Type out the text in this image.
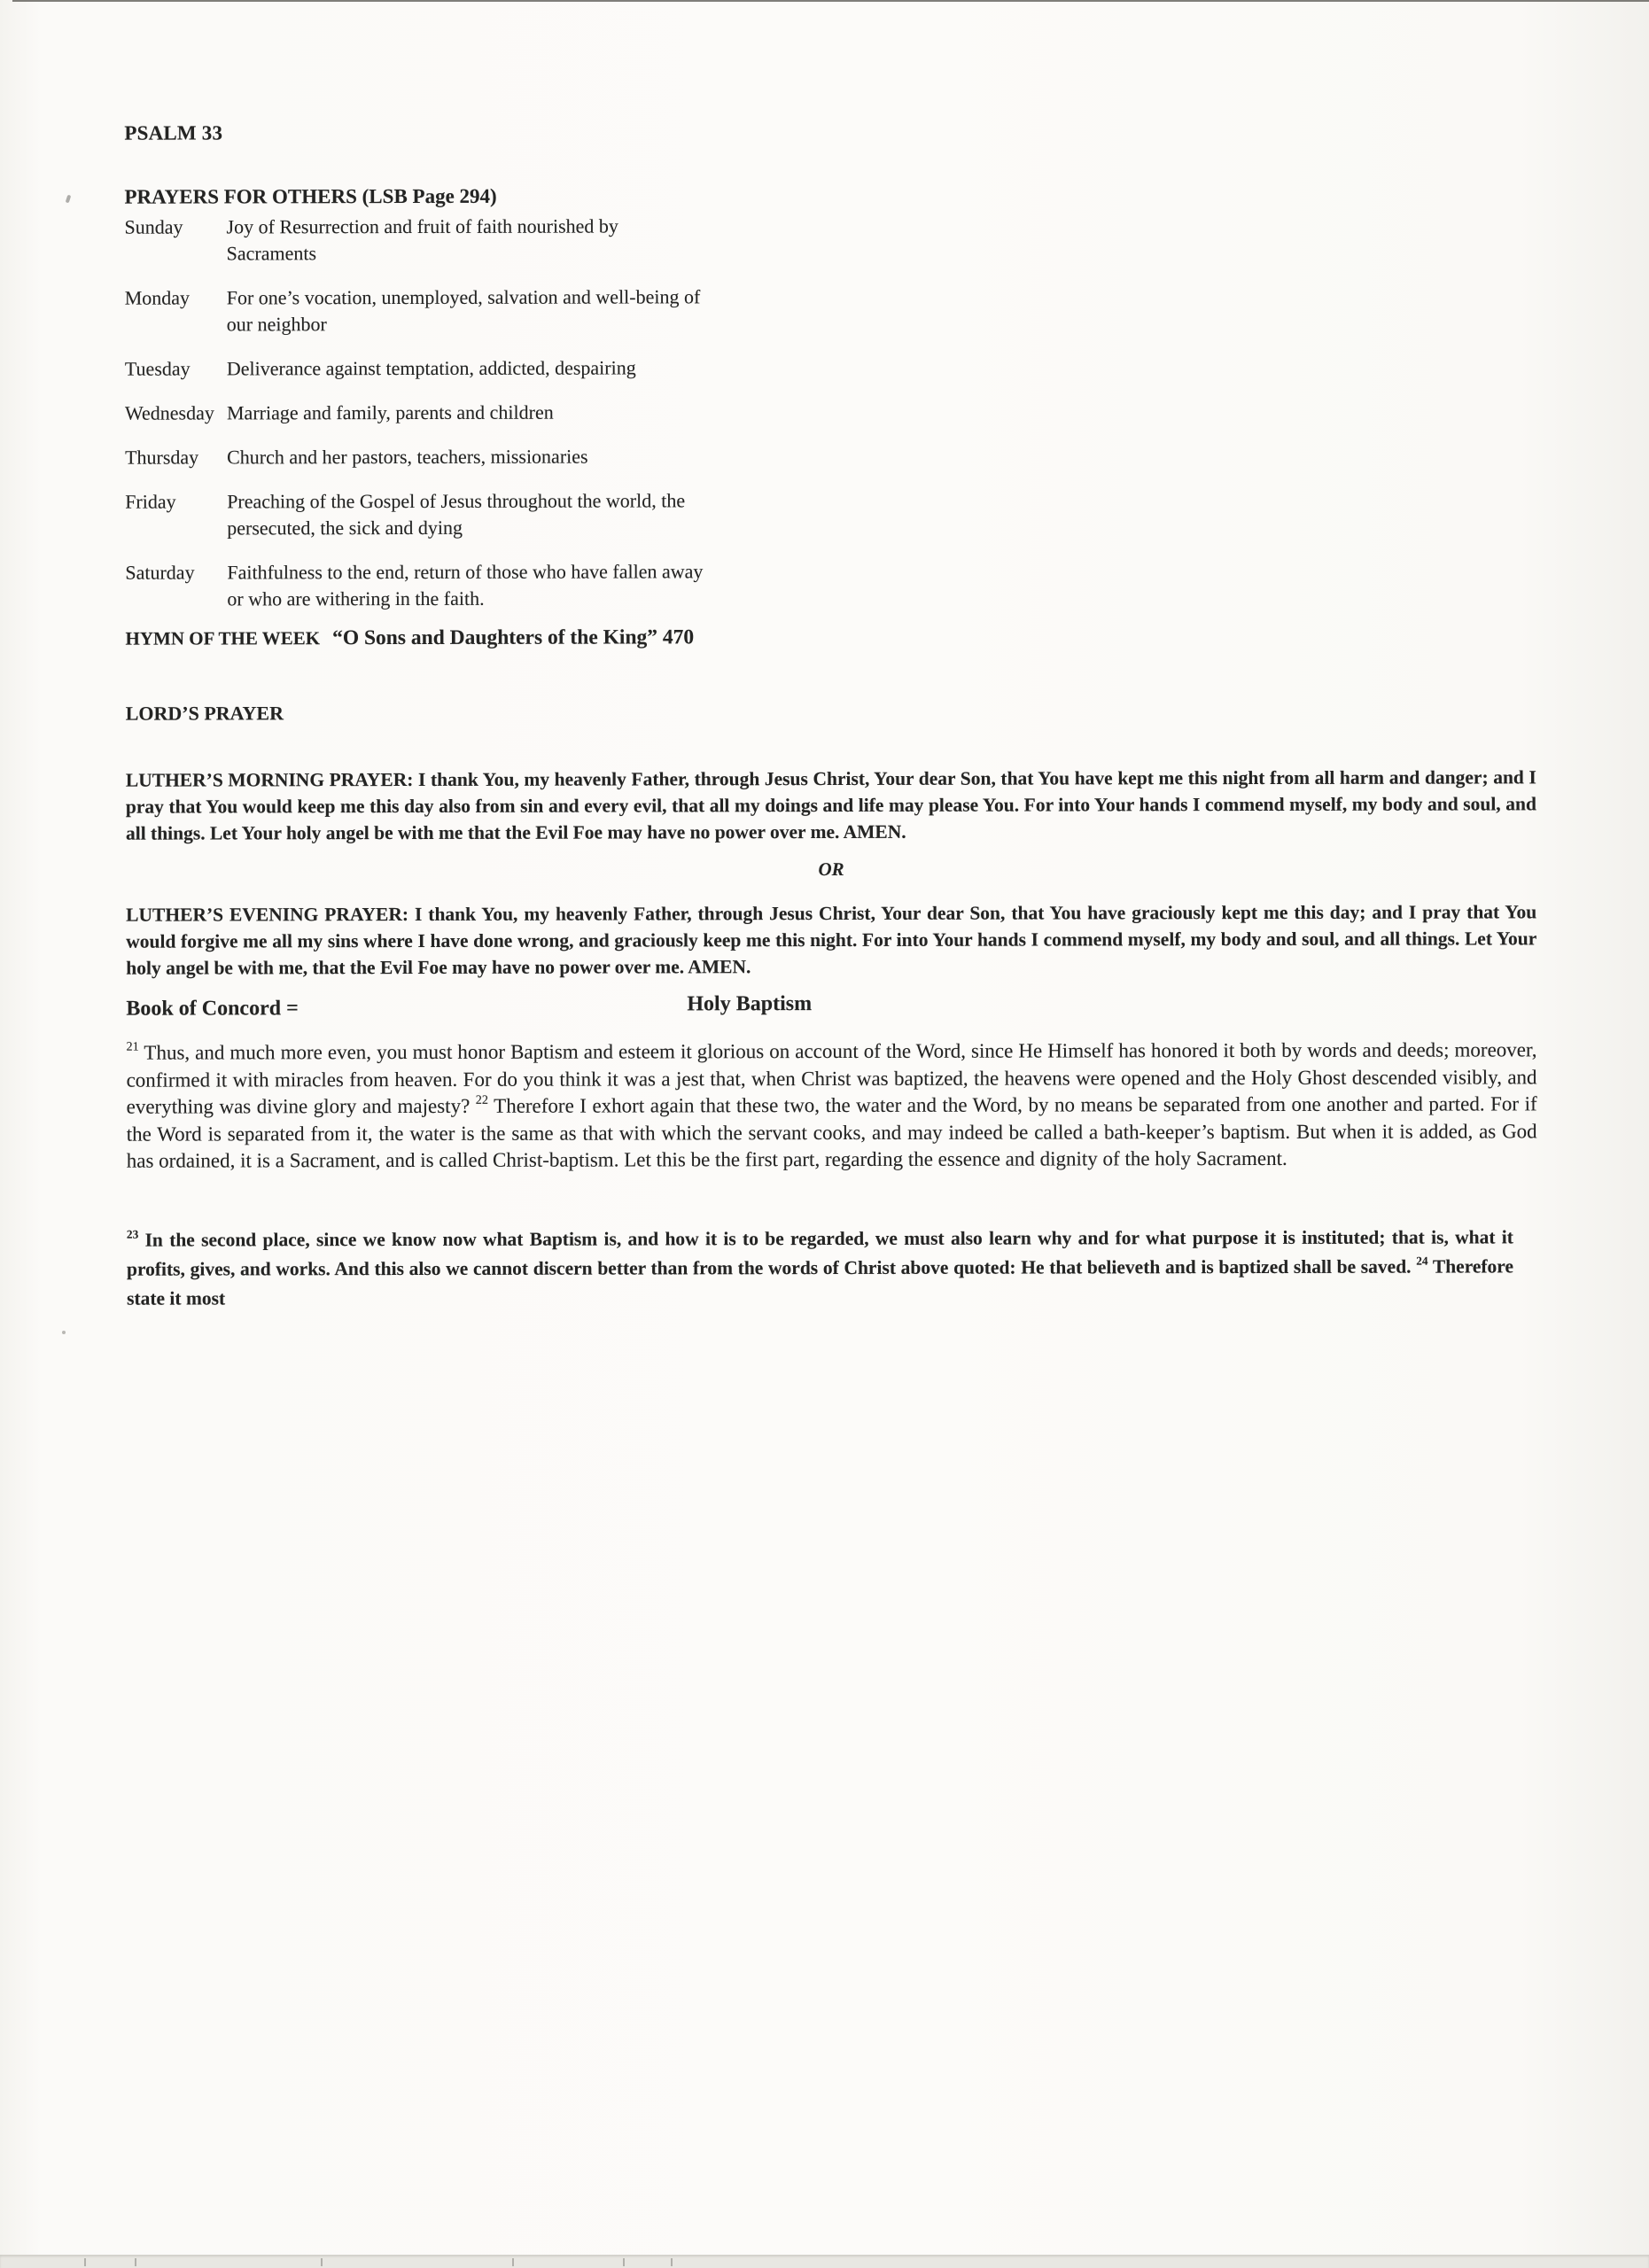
PSALM 33
PRAYERS FOR OTHERS (LSB Page 294)
Sunday	Joy of Resurrection and fruit of faith nourished by Sacraments
Monday	For one’s vocation, unemployed, salvation and well-being of our neighbor
Tuesday	Deliverance against temptation, addicted, despairing
Wednesday Marriage and family, parents and children
Thursday	Church and her pastors, teachers, missionaries
Friday	Preaching of the Gospel of Jesus throughout the world, the persecuted, the sick and dying
Saturday	Faithfulness to the end, return of those who have fallen away or who are withering in the faith.
HYMN OF THE WEEK “O Sons and Daughters of the King” 470
LORD’S PRAYER

LUTHER’S MORNING PRAYER: I thank You, my heavenly Father, through Jesus Christ, Your dear Son, that You have kept me this night from all harm and danger; and I pray that You would keep me this day also from sin and every evil, that all my doings and life may please You. For into Your hands I commend myself, my body and soul, and all things. Let Your holy angel be with me that the Evil Foe may have no power over me. AMEN.

OR

LUTHER’S EVENING PRAYER: I thank You, my heavenly Father, through Jesus Christ, Your dear Son, that You have graciously kept me this day; and I pray that You would forgive me all my sins where I have done wrong, and graciously keep me this night. For into Your hands I commend myself, my body and soul, and all things. Let Your holy angel be with me, that the Evil Foe may have no power over me. AMEN.

Book of Concord =	Holy Baptism

$^{21}$ Thus, and much more even, you must honor Baptism and esteem it glorious on account of the Word, since He Himself has honored it both by words and deeds; moreover, confirmed it with miracles from heaven. For do you think it was a jest that, when Christ was baptized, the heavens were opened and the Holy Ghost descended visibly, and everything was divine glory and majesty? $^{22}$ Therefore I exhort again that these two, the water and the Word, by no means be separated from one another and parted. For if the Word is separated from it, the water is the same as that with which the servant cooks, and may indeed be called a bath-keeper’s baptism. But when it is added, as God has ordained, it is a Sacrament, and is called Christ-baptism. Let this be the first part, regarding the essence and dignity of the holy Sacrament.

$^{23}$ In the second place, since we know now what Baptism is, and how it is to be regarded, we must also learn why and for what purpose it is instituted; that is, what it profits, gives, and works. And this also we cannot discern better than from the words of Christ above quoted: He that believeth and is baptized shall be saved. $^{24}$ Therefore state it most
